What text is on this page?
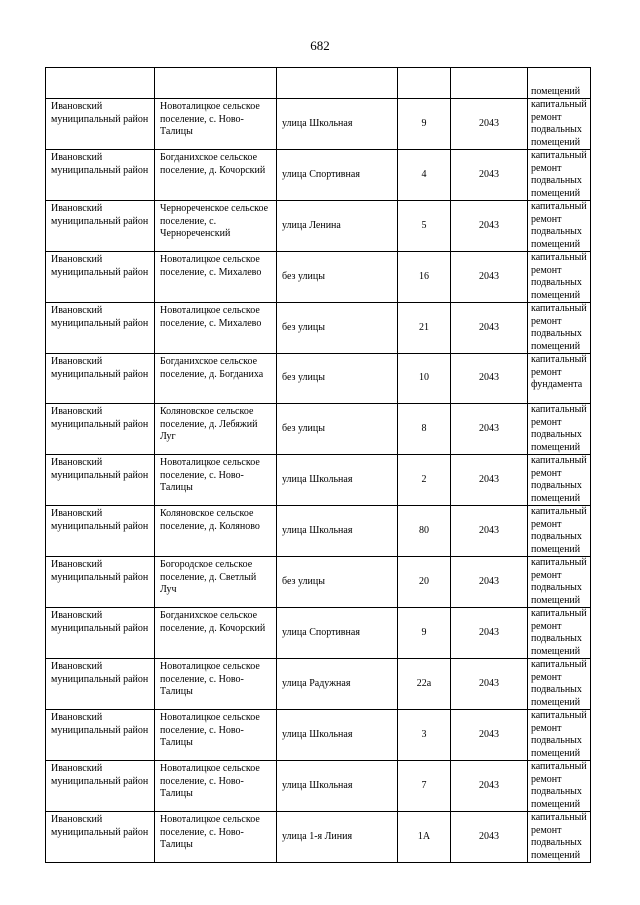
682
					помещений
Ивановский муниципальный район	Новоталицкое сельское поселение, с. Ново-Талицы	улица Школьная	9	2043	капитальный ремонт подвальных помещений
Ивановский муниципальный район	Богданихское сельское поселение, д. Кочорский	улица Спортивная	4	2043	капитальный ремонт подвальных помещений
Ивановский муниципальный район	Чернореченское сельское поселение, с. Чернореченский	улица Ленина	5	2043	капитальный ремонт подвальных помещений
Ивановский муниципальный район	Новоталицкое сельское поселение, с. Михалево	без улицы	16	2043	капитальный ремонт подвальных помещений
Ивановский муниципальный район	Новоталицкое сельское поселение, с. Михалево	без улицы	21	2043	капитальный ремонт подвальных помещений
Ивановский муниципальный район	Богданихское сельское поселение, д. Богданиха	без улицы	10	2043	капитальный ремонт фундамента
Ивановский муниципальный район	Коляновское сельское поселение, д. Лебяжий Луг	без улицы	8	2043	капитальный ремонт подвальных помещений
Ивановский муниципальный район	Новоталицкое сельское поселение, с. Ново-Талицы	улица Школьная	2	2043	капитальный ремонт подвальных помещений
Ивановский муниципальный район	Коляновское сельское поселение, д. Коляново	улица Школьная	80	2043	капитальный ремонт подвальных помещений
Ивановский муниципальный район	Богородское сельское поселение, д. Светлый Луч	без улицы	20	2043	капитальный ремонт подвальных помещений
Ивановский муниципальный район	Богданихское сельское поселение, д. Кочорский	улица Спортивная	9	2043	капитальный ремонт подвальных помещений
Ивановский муниципальный район	Новоталицкое сельское поселение, с. Ново-Талицы	улица Радужная	22а	2043	капитальный ремонт подвальных помещений
Ивановский муниципальный район	Новоталицкое сельское поселение, с. Ново-Талицы	улица Школьная	3	2043	капитальный ремонт подвальных помещений
Ивановский муниципальный район	Новоталицкое сельское поселение, с. Ново-Талицы	улица Школьная	7	2043	капитальный ремонт подвальных помещений
Ивановский муниципальный район	Новоталицкое сельское поселение, с. Ново-Талицы	улица 1-я Линия	1А	2043	капитальный ремонт подвальных помещений
